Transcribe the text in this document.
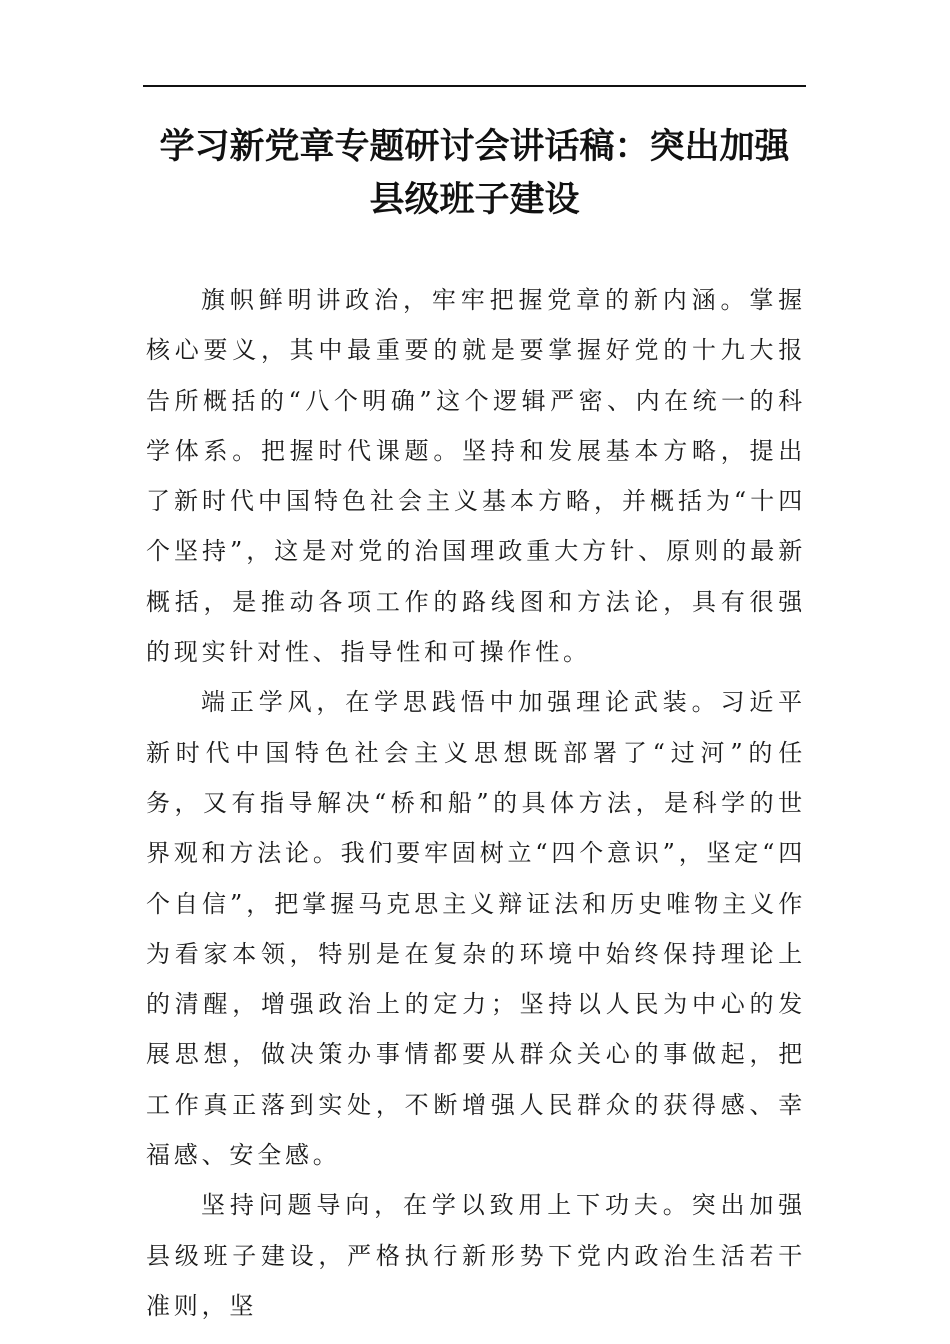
学习新党章专题研讨会讲话稿：突出加强
县级班子建设

旗帜鲜明讲政治，牢牢把握党章的新内涵。掌握核心要义，其中最重要的就是要掌握好党的十九大报告所概括的“八个明确”这个逻辑严密、内在统一的科学体系。把握时代课题。坚持和发展基本方略，提出了新时代中国特色社会主义基本方略，并概括为“十四个坚持”，这是对党的治国理政重大方针、原则的最新概括，是推动各项工作的路线图和方法论，具有很强的现实针对性、指导性和可操作性。

端正学风，在学思践悟中加强理论武装。习近平新时代中国特色社会主义思想既部署了“过河”的任务，又有指导解决“桥和船”的具体方法，是科学的世界观和方法论。我们要牢固树立“四个意识”，坚定“四个自信”，把掌握马克思主义辩证法和历史唯物主义作为看家本领，特别是在复杂的环境中始终保持理论上的清醒，增强政治上的定力；坚持以人民为中心的发展思想，做决策办事情都要从群众关心的事做起，把工作真正落到实处，不断增强人民群众的获得感、幸福感、安全感。

坚持问题导向，在学以致用上下功夫。突出加强县级班子建设，严格执行新形势下党内政治生活若干准则，坚
